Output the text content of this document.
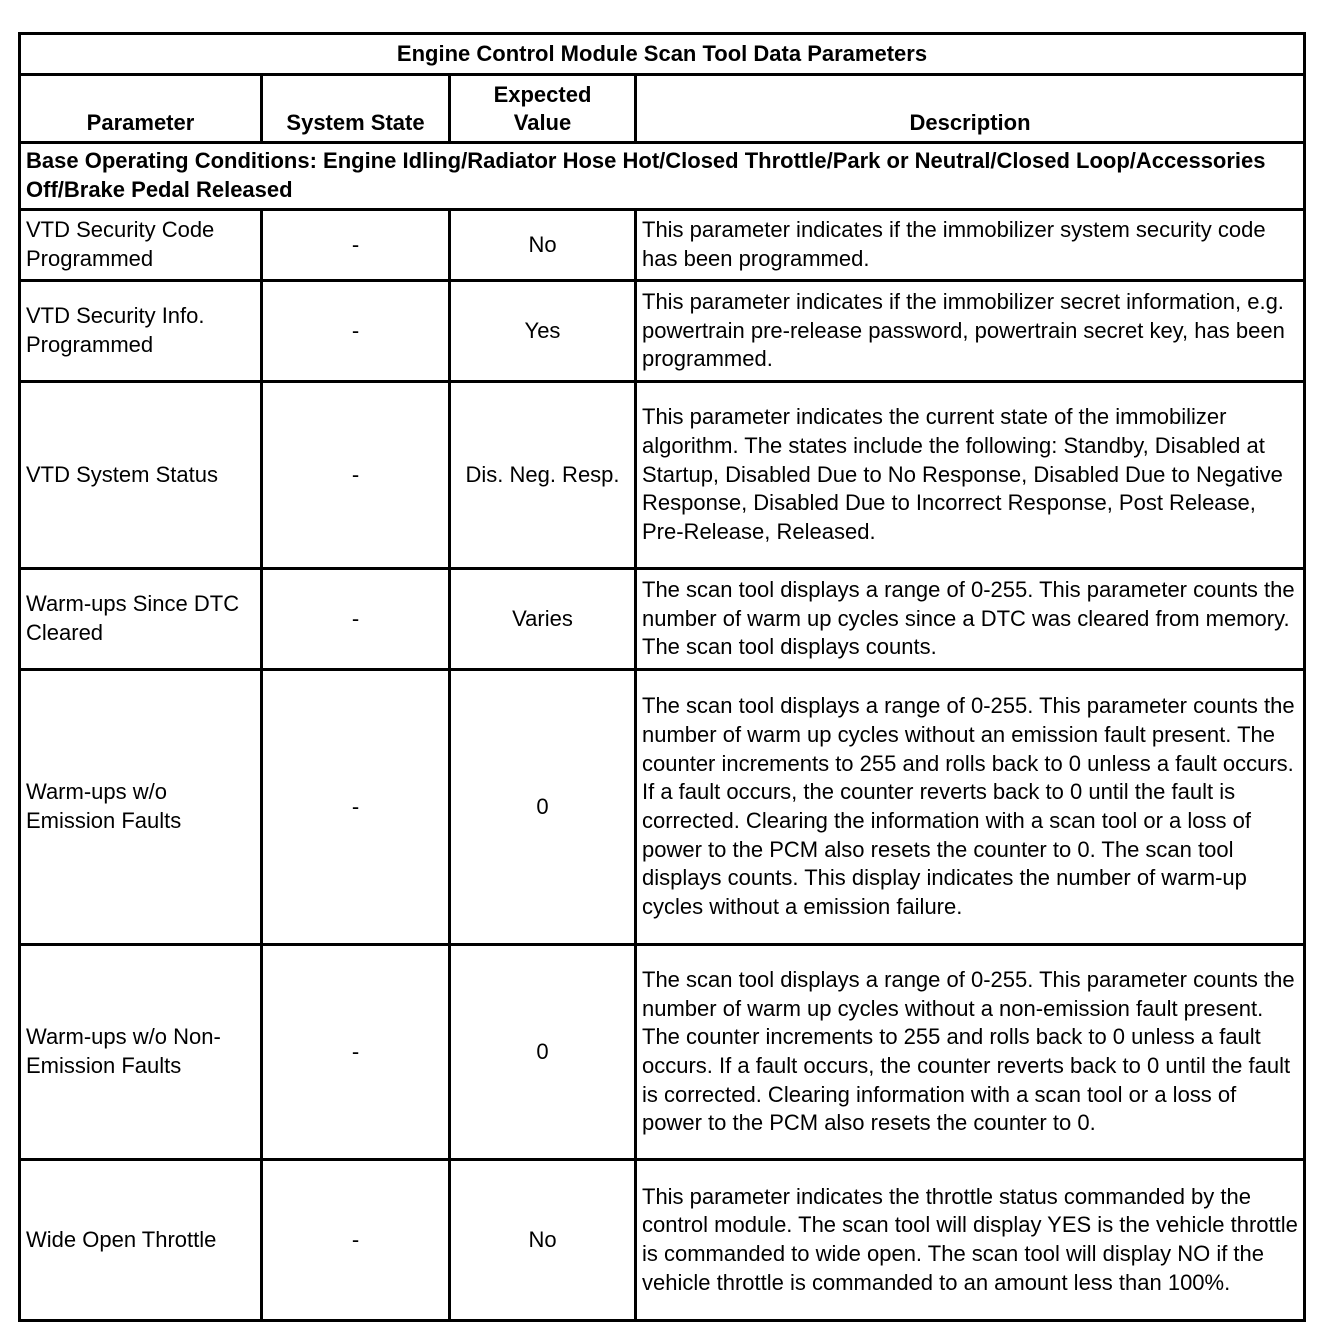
Engine Control Module Scan Tool Data Parameters			
Parameter	System State	Expected Value	Description
Base Operating Conditions: Engine Idling/Radiator Hose Hot/Closed Throttle/Park or Neutral/Closed Loop/Accessories Off/Brake Pedal Released			
VTD Security Code Programmed	-	No	This parameter indicates if the immobilizer system security code has been programmed.
VTD Security Info. Programmed	-	Yes	This parameter indicates if the immobilizer secret information, e.g. powertrain pre-release password, powertrain secret key, has been programmed.
VTD System Status	-	Dis. Neg. Resp.	This parameter indicates the current state of the immobilizer algorithm. The states include the following: Standby, Disabled at Startup, Disabled Due to No Response, Disabled Due to Negative Response, Disabled Due to Incorrect Response, Post Release, Pre-Release, Released.
Warm-ups Since DTC Cleared	-	Varies	The scan tool displays a range of 0-255. This parameter counts the number of warm up cycles since a DTC was cleared from memory. The scan tool displays counts.
Warm-ups w/o Emission Faults	-	0	The scan tool displays a range of 0-255. This parameter counts the number of warm up cycles without an emission fault present. The counter increments to 255 and rolls back to 0 unless a fault occurs. If a fault occurs, the counter reverts back to 0 until the fault is corrected. Clearing the information with a scan tool or a loss of power to the PCM also resets the counter to 0. The scan tool displays counts. This display indicates the number of warm-up cycles without a emission failure.
Warm-ups w/o Non-Emission Faults	-	0	The scan tool displays a range of 0-255. This parameter counts the number of warm up cycles without a non-emission fault present. The counter increments to 255 and rolls back to 0 unless a fault occurs. If a fault occurs, the counter reverts back to 0 until the fault is corrected. Clearing information with a scan tool or a loss of power to the PCM also resets the counter to 0.
Wide Open Throttle	-	No	This parameter indicates the throttle status commanded by the control module. The scan tool will display YES is the vehicle throttle is commanded to wide open. The scan tool will display NO if the vehicle throttle is commanded to an amount less than 100%.
